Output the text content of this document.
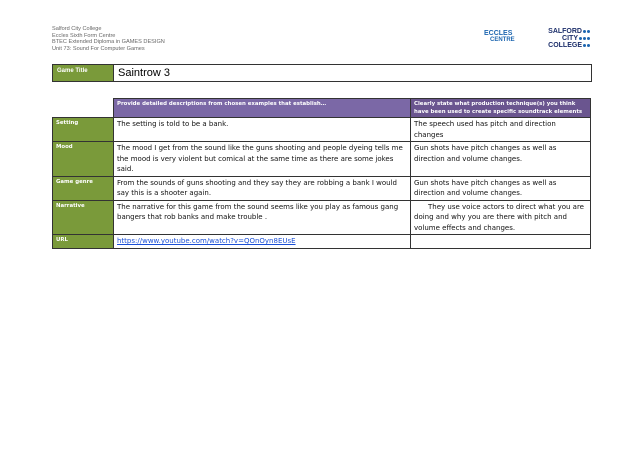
Salford City College
Eccles Sixth Form Centre
BTEC Extended Diploma in GAMES DESIGN
Unit 73: Sound For Computer Games
ECCLES
CENTRE
SALFORD
CITY
COLLEGE
Game Title	Saintrow 3
	Provide detailed descriptions from chosen examples that establish…	Clearly state what production technique(s) you think have been used to create specific soundtrack elements
Setting	The setting is told to be a bank.	The speech used has pitch and direction changes
Mood	The mood I get from the sound like the guns shooting and people dyeing tells me the mood is very violent but comical at the same time as there are some jokes said.	Gun shots have pitch changes as well as direction and volume changes.
Game genre	From the sounds of guns shooting and they say they are robbing a bank I would say this is a shooter again.	Gun shots have pitch changes as well as direction and volume changes.
Narrative	The narrative for this game from the sound seems like you play as famous gang bangers that rob banks and make trouble .	They use voice actors to direct what you are doing and why you are there with pitch and volume effects and changes.
URL	https://www.youtube.com/watch?v=QOnOyn8EUsE	
